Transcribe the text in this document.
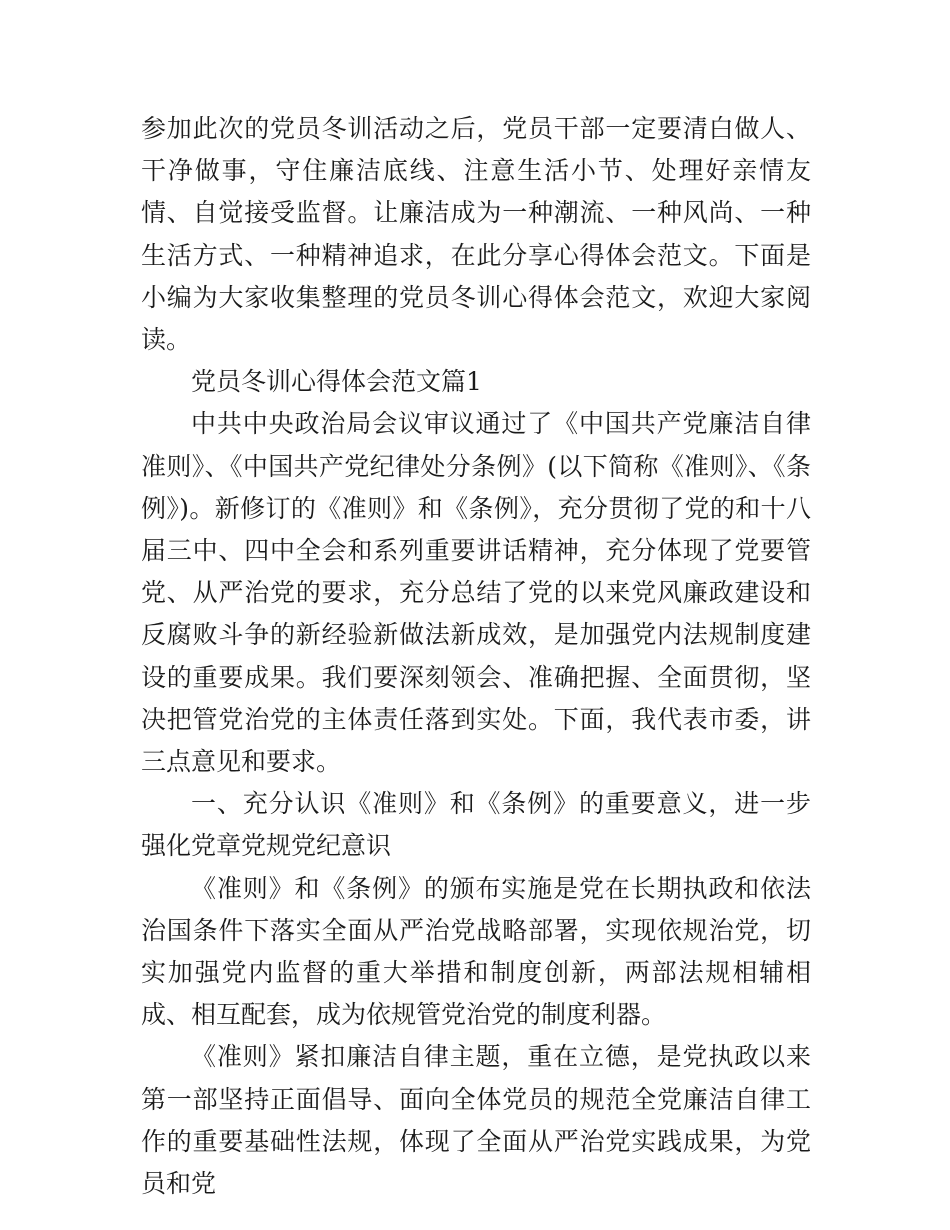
参加此次的党员冬训活动之后，党员干部一定要清白做人、干净做事，守住廉洁底线、注意生活小节、处理好亲情友情、自觉接受监督。让廉洁成为一种潮流、一种风尚、一种生活方式、一种精神追求，在此分享心得体会范文。下面是小编为大家收集整理的党员冬训心得体会范文，欢迎大家阅读。

党员冬训心得体会范文篇1

中共中央政治局会议审议通过了《中国共产党廉洁自律准则》、《中国共产党纪律处分条例》(以下简称《准则》、《条例》)。新修订的《准则》和《条例》，充分贯彻了党的和十八届三中、四中全会和系列重要讲话精神，充分体现了党要管党、从严治党的要求，充分总结了党的以来党风廉政建设和反腐败斗争的新经验新做法新成效，是加强党内法规制度建设的重要成果。我们要深刻领会、准确把握、全面贯彻，坚决把管党治党的主体责任落到实处。下面，我代表市委，讲三点意见和要求。

一、充分认识《准则》和《条例》的重要意义，进一步强化党章党规党纪意识

《准则》和《条例》的颁布实施是党在长期执政和依法治国条件下落实全面从严治党战略部署，实现依规治党，切实加强党内监督的重大举措和制度创新，两部法规相辅相成、相互配套，成为依规管党治党的制度利器。

《准则》紧扣廉洁自律主题，重在立德，是党执政以来第一部坚持正面倡导、面向全体党员的规范全党廉洁自律工作的重要基础性法规，体现了全面从严治党实践成果，为党员和党
